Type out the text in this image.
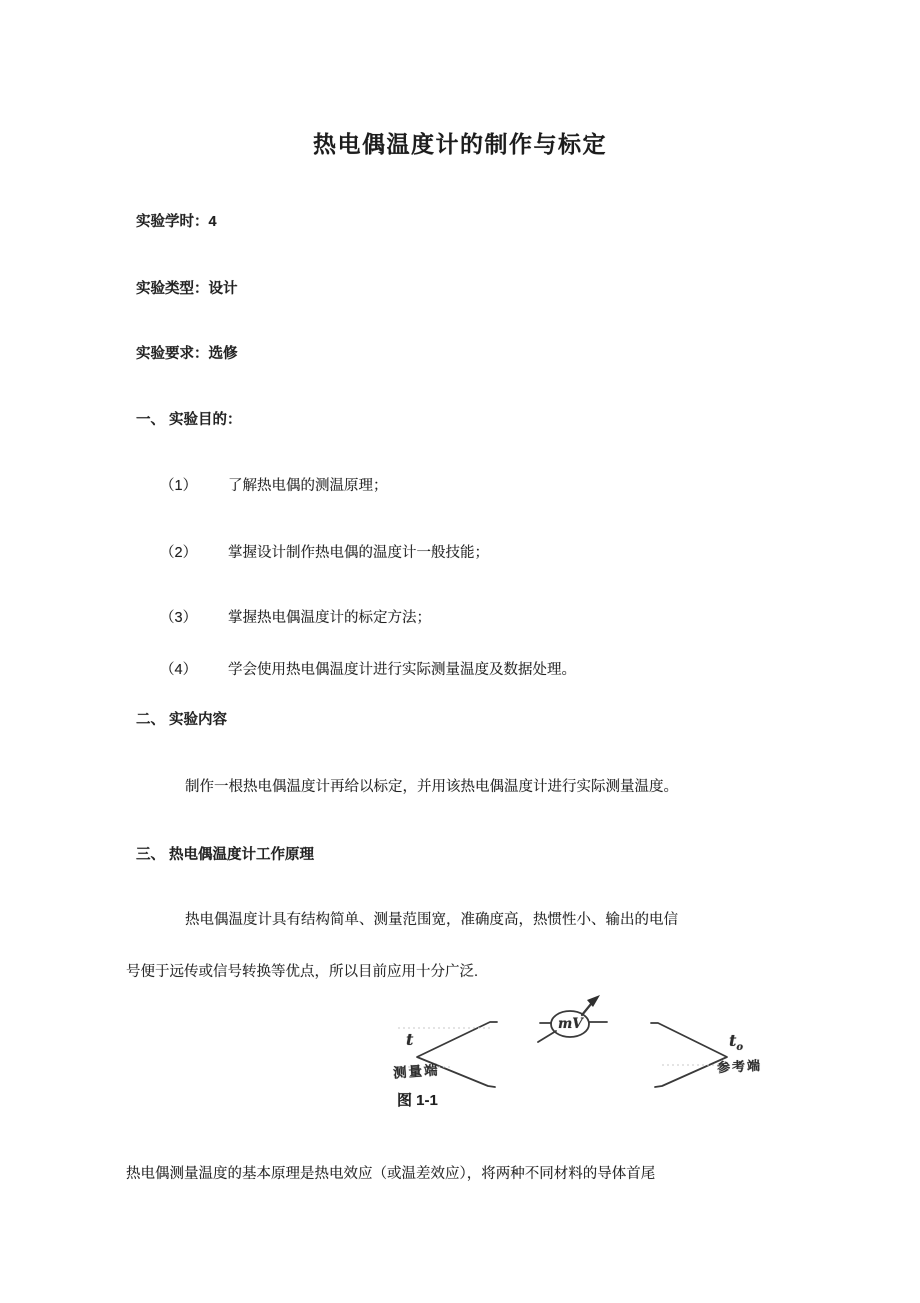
热电偶温度计的制作与标定
实验学时：4
实验类型：设计
实验要求：选修
一、 实验目的：
（1） 了解热电偶的测温原理；
（2） 掌握设计制作热电偶的温度计一般技能；
（3） 掌握热电偶温度计的标定方法；
（4） 学会使用热电偶温度计进行实际测量温度及数据处理。
二、 实验内容
制作一根热电偶温度计再给以标定，并用该热电偶温度计进行实际测量温度。
三、 热电偶温度计工作原理
热电偶温度计具有结构简单、测量范围宽，准确度高，热惯性小、输出的电信
号便于远传或信号转换等优点，所以目前应用十分广泛.
t
测量端
mV
$t_o$
参考端
图 1-1
热电偶测量温度的基本原理是热电效应（或温差效应），将两种不同材料的导体首尾
